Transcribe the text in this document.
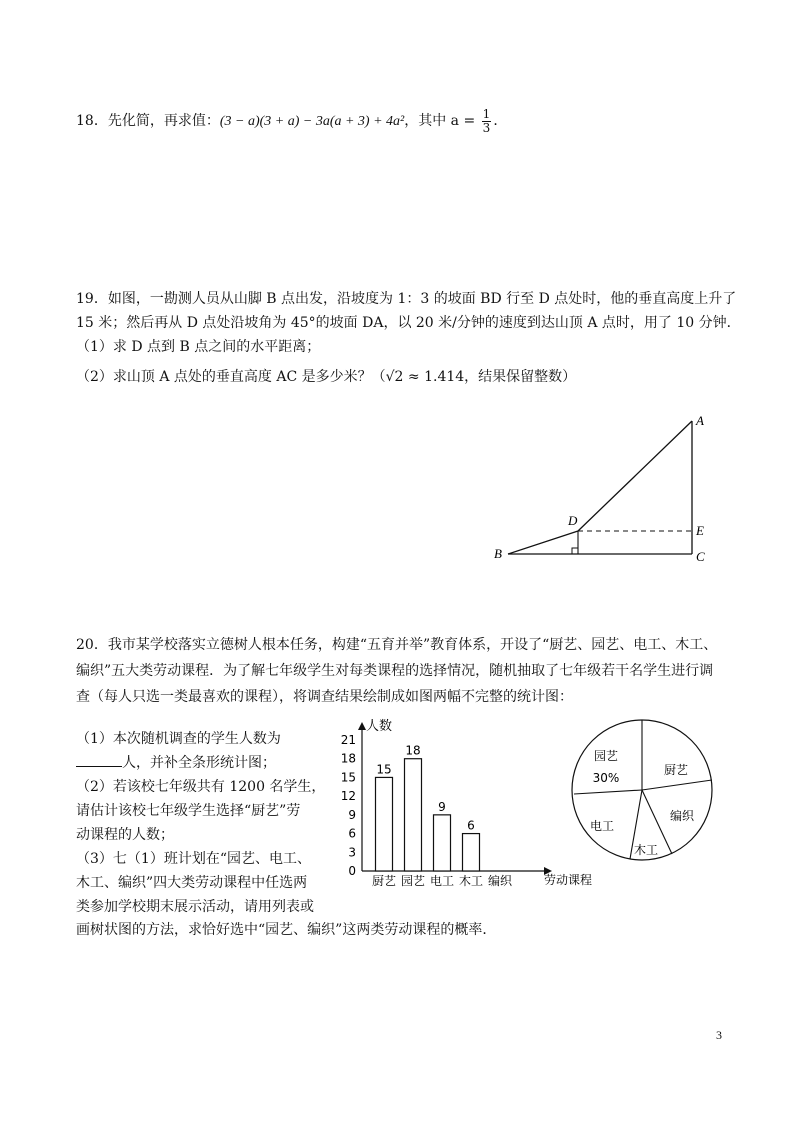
18．先化简，再求值：(3 − a)(3 + a) − 3a(a + 3) + 4a²，其中 $a = \frac{1}{3}$ ．
19．如图，一勘测人员从山脚 B 点出发，沿坡度为 1：3 的坡面 BD 行至 D 点处时，他的垂直高度上升了
15 米；然后再从 D 点处沿坡角为 45°的坡面 DA，以 20 米/分钟的速度到达山顶 A 点时，用了 10 分钟．
（1）求 D 点到 B 点之间的水平距离；
（2）求山顶 A 点处的垂直高度 AC 是多少米？（√2 ≈ 1.414，结果保留整数）
A
B	C
D
E
20．我市某学校落实立德树人根本任务，构建“五育并举”教育体系，开设了“厨艺、园艺、电工、木工、
编织”五大类劳动课程．为了解七年级学生对每类课程的选择情况，随机抽取了七年级若干名学生进行调
查（每人只选一类最喜欢的课程），将调查结果绘制成如图两幅不完整的统计图：
（1）本次随机调查的学生人数为
人，并补全条形统计图；
（2）若该校七年级共有 1200 名学生，
请估计该校七年级学生选择“厨艺”劳
动课程的人数；
（3）七（1）班计划在“园艺、电工、
木工、编织”四大类劳动课程中任选两
类参加学校期末展示活动，请用列表或
画树状图的方法，求恰好选中“园艺、编织”这两类劳动课程的概率．
人数
劳动课程
0
3
6
9
12
15
18
21
厨艺
15
园艺
18
电工
9
木工
6
编织
园艺
30%
厨艺
编织
木工
电工
3
